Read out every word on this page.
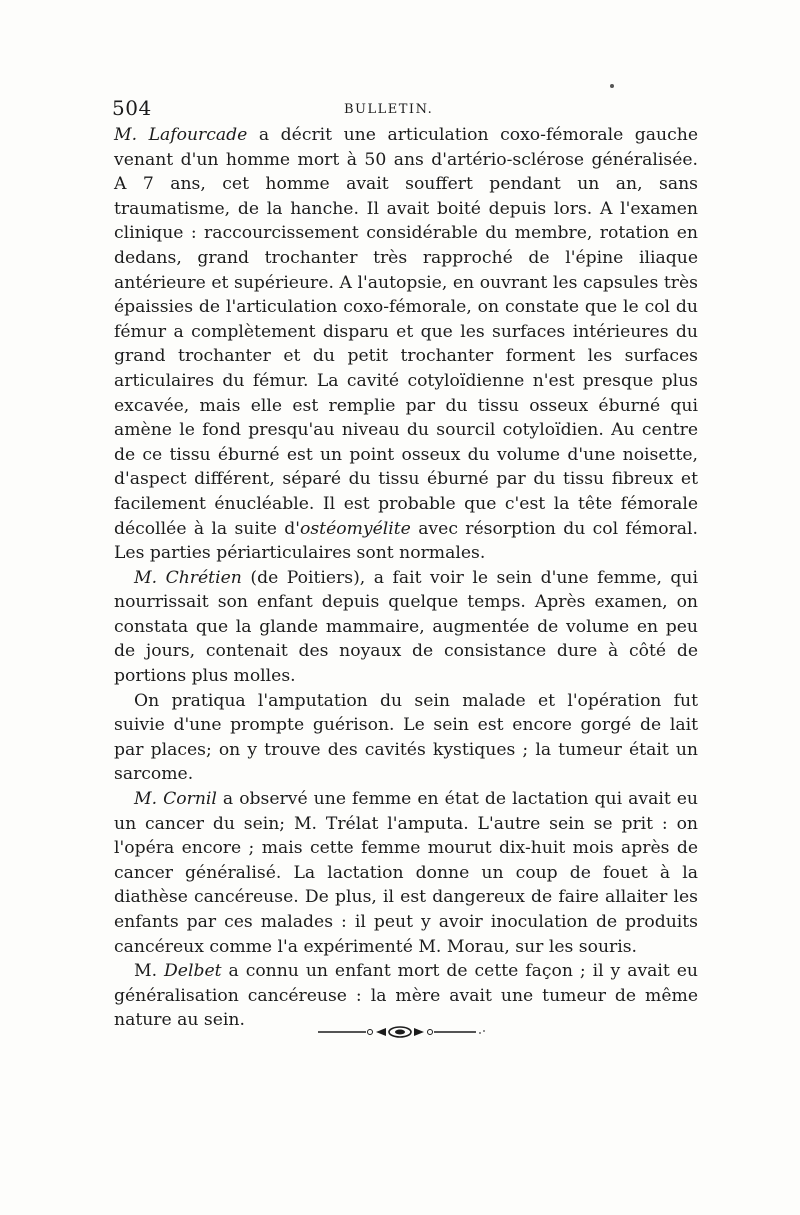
504	BULLETIN.

M. Lafourcade a décrit une articulation coxo-fémorale gauche venant d'un homme mort à 50 ans d'artério-sclérose généralisée. A 7 ans, cet homme avait souffert pendant un an, sans traumatisme, de la hanche. Il avait boité depuis lors. A l'examen clinique : raccourcissement considérable du membre, rotation en dedans, grand trochanter très rapproché de l'épine iliaque antérieure et supérieure. A l'autopsie, en ouvrant les capsules très épaissies de l'articulation coxo-fémorale, on constate que le col du fémur a complètement disparu et que les surfaces intérieures du grand trochanter et du petit trochanter forment les surfaces articulaires du fémur. La cavité cotyloïdienne n'est presque plus excavée, mais elle est remplie par du tissu osseux éburné qui amène le fond presqu'au niveau du sourcil cotyloïdien. Au centre de ce tissu éburné est un point osseux du volume d'une noisette, d'aspect différent, séparé du tissu éburné par du tissu fibreux et facilement énucléable. Il est probable que c'est la tête fémorale décollée à la suite d'ostéomyélite avec résorption du col fémoral. Les parties périarticulaires sont normales.

M. Chrétien (de Poitiers), a fait voir le sein d'une femme, qui nourrissait son enfant depuis quelque temps. Après examen, on constata que la glande mammaire, augmentée de volume en peu de jours, contenait des noyaux de consistance dure à côté de portions plus molles.

On pratiqua l'amputation du sein malade et l'opération fut suivie d'une prompte guérison. Le sein est encore gorgé de lait par places; on y trouve des cavités kystiques ; la tumeur était un sarcome.

M. Cornil a observé une femme en état de lactation qui avait eu un cancer du sein; M. Trélat l'amputa. L'autre sein se prit : on l'opéra encore ; mais cette femme mourut dix-huit mois après de cancer généralisé. La lactation donne un coup de fouet à la diathèse cancéreuse. De plus, il est dangereux de faire allaiter les enfants par ces malades : il peut y avoir inoculation de produits cancéreux comme l'a expérimenté M. Morau, sur les souris.

M. Delbet a connu un enfant mort de cette façon ; il y avait eu généralisation cancéreuse : la mère avait une tumeur de même nature au sein.
